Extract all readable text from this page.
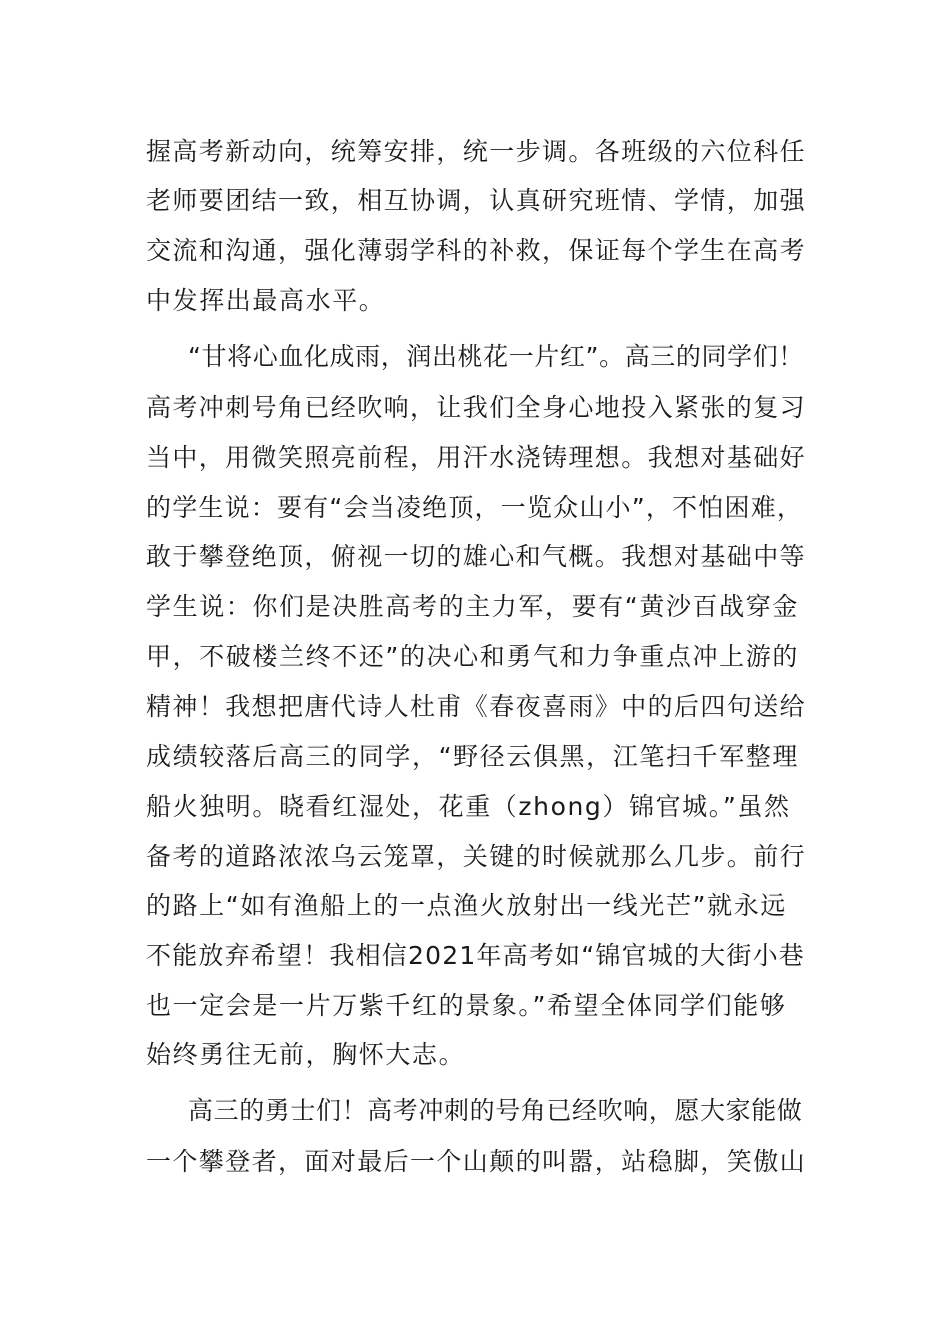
握高考新动向，统筹安排，统一步调。各班级的六位科任
老师要团结一致，相互协调，认真研究班情、学情，加强
交流和沟通，强化薄弱学科的补救，保证每个学生在高考
中发挥出最高水平。
“甘将心血化成雨，润出桃花一片红”。高三的同学们！
高考冲刺号角已经吹响，让我们全身心地投入紧张的复习
当中，用微笑照亮前程，用汗水浇铸理想。我想对基础好
的学生说：要有“会当凌绝顶，一览众山小”，不怕困难，
敢于攀登绝顶，俯视一切的雄心和气概。我想对基础中等
学生说：你们是决胜高考的主力军，要有“黄沙百战穿金
甲，不破楼兰终不还”的决心和勇气和力争重点冲上游的
精神！我想把唐代诗人杜甫《春夜喜雨》中的后四句送给
成绩较落后高三的同学，“野径云俱黑，江笔扫千军整理
船火独明。晓看红湿处，花重（zhong）锦官城。”虽然
备考的道路浓浓乌云笼罩，关键的时候就那么几步。前行
的路上“如有渔船上的一点渔火放射出一线光芒”就永远
不能放弃希望！我相信2021年高考如“锦官城的大街小巷
也一定会是一片万紫千红的景象。”希望全体同学们能够
始终勇往无前，胸怀大志。
高三的勇士们！高考冲刺的号角已经吹响，愿大家能做
一个攀登者，面对最后一个山颠的叫嚣，站稳脚，笑傲山
